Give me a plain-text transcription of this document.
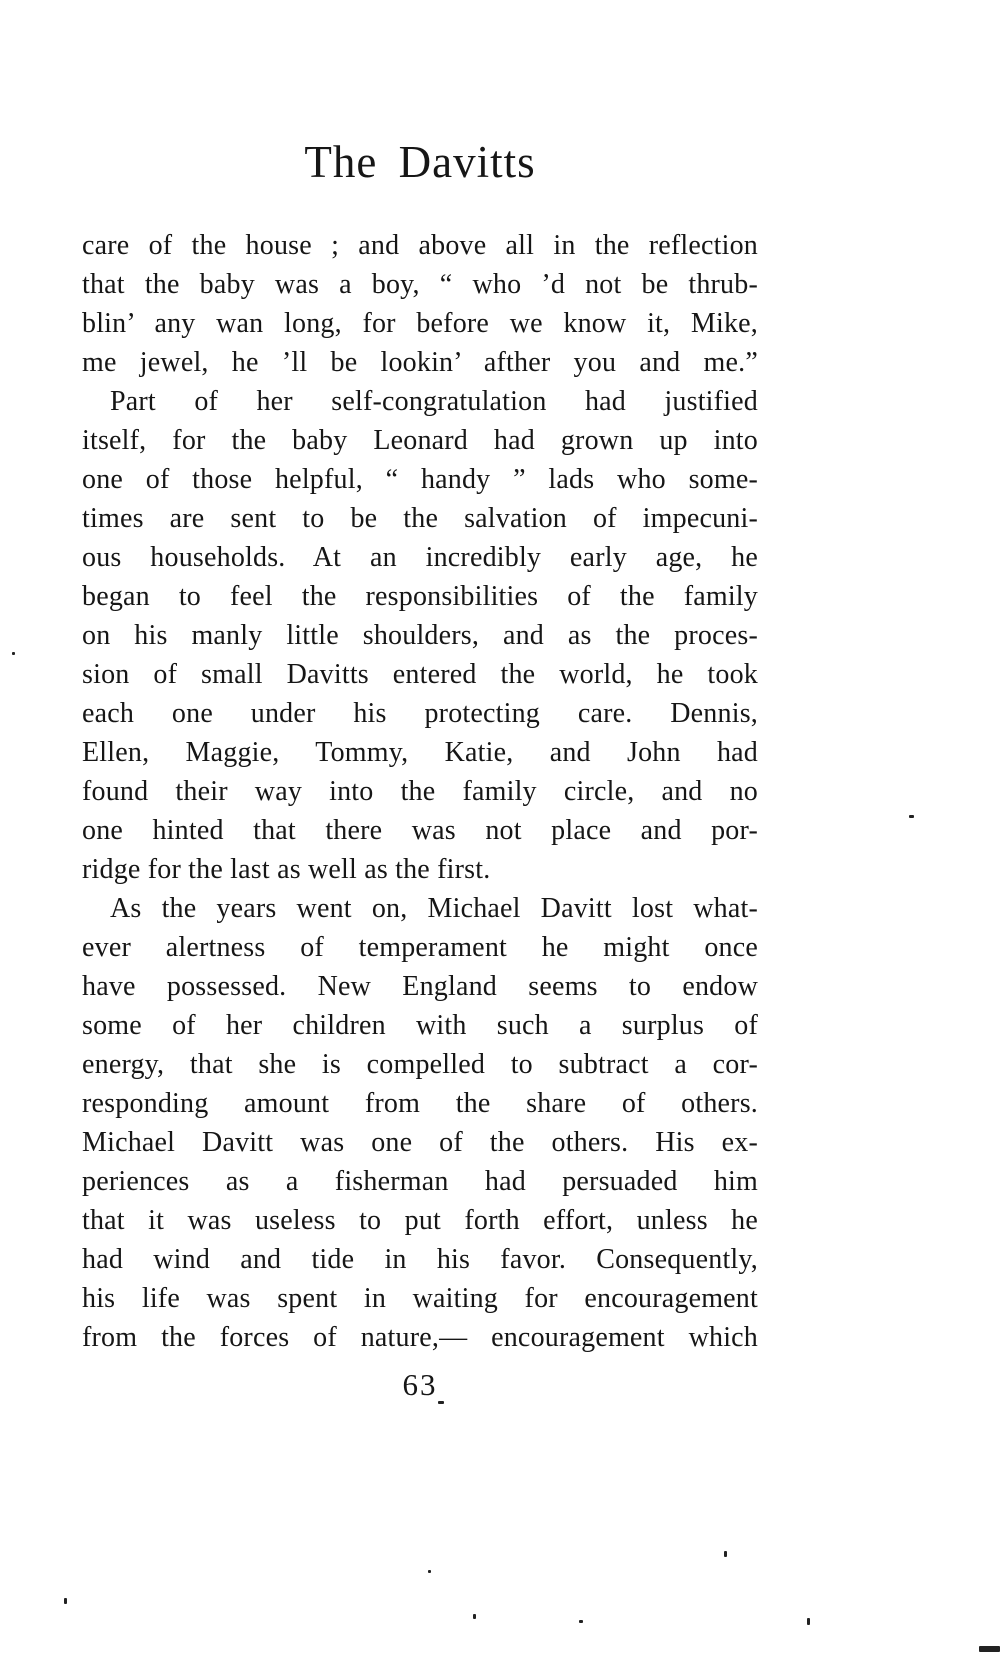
The Davitts
care of the house ; and above all in the reflection
that the baby was a boy, “ who ’d not be thrub-
blin’ any wan long, for before we know it, Mike,
me jewel, he ’ll be lookin’ afther you and me.”
Part of her self-congratulation had justified
itself, for the baby Leonard had grown up into
one of those helpful, “ handy ” lads who some-
times are sent to be the salvation of impecuni-
ous households. At an incredibly early age, he
began to feel the responsibilities of the family
on his manly little shoulders, and as the proces-
sion of small Davitts entered the world, he took
each one under his protecting care. Dennis,
Ellen, Maggie, Tommy, Katie, and John had
found their way into the family circle, and no
one hinted that there was not place and por-
ridge for the last as well as the first.
As the years went on, Michael Davitt lost what-
ever alertness of temperament he might once
have possessed. New England seems to endow
some of her children with such a surplus of
energy, that she is compelled to subtract a cor-
responding amount from the share of others.
Michael Davitt was one of the others. His ex-
periences as a fisherman had persuaded him
that it was useless to put forth effort, unless he
had wind and tide in his favor. Consequently,
his life was spent in waiting for encouragement
from the forces of nature,— encouragement which
63
